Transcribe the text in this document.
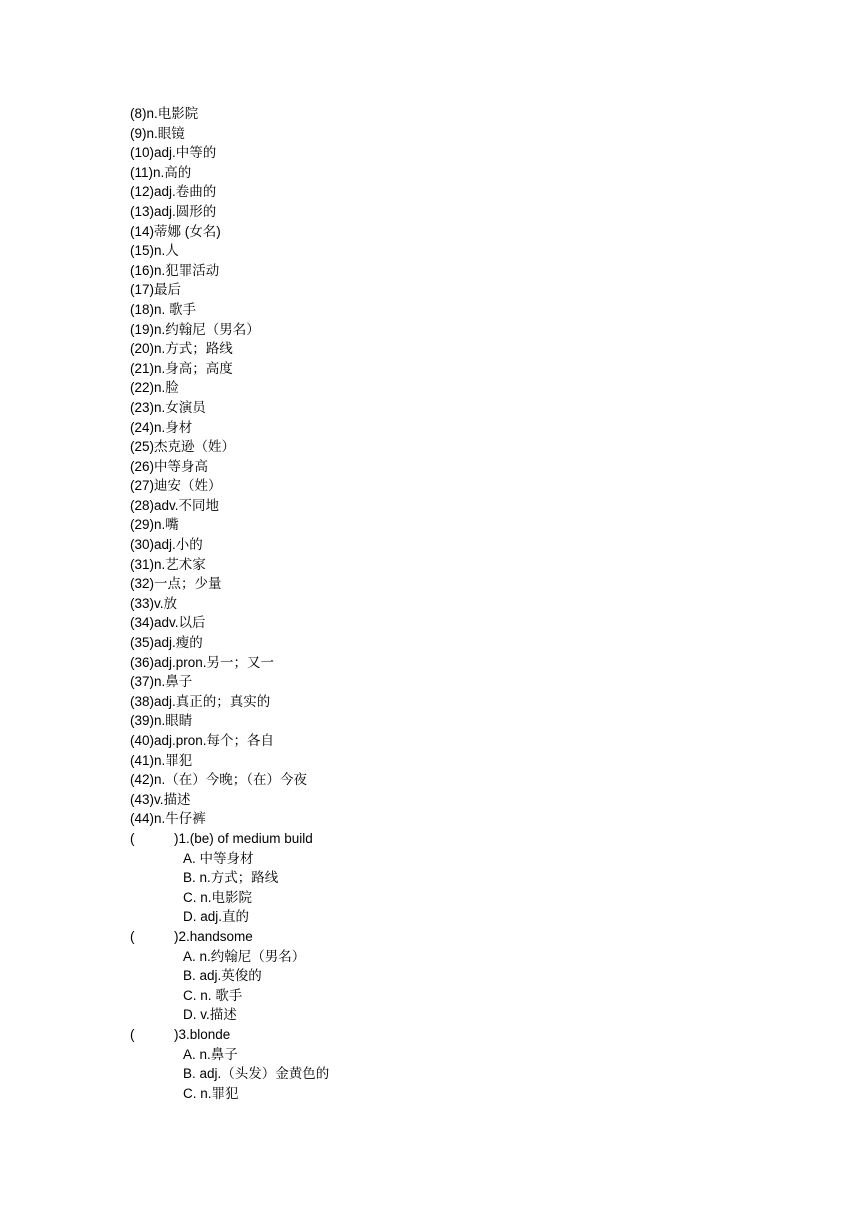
(8)n.电影院
(9)n.眼镜
(10)adj.中等的
(11)n.高的
(12)adj.卷曲的
(13)adj.圆形的
(14)蒂娜 (女名)
(15)n.人
(16)n.犯罪活动
(17)最后
(18)n. 歌手
(19)n.约翰尼（男名）
(20)n.方式；路线
(21)n.身高；高度
(22)n.脸
(23)n.女演员
(24)n.身材
(25)杰克逊（姓）
(26)中等身高
(27)迪安（姓）
(28)adv.不同地
(29)n.嘴
(30)adj.小的
(31)n.艺术家
(32)一点；少量
(33)v.放
(34)adv.以后
(35)adj.瘦的
(36)adj.pron.另一；又一
(37)n.鼻子
(38)adj.真正的；真实的
(39)n.眼睛
(40)adj.pron.每个；各自
(41)n.罪犯
(42)n.（在）今晚；（在）今夜
(43)v.描述
(44)n.牛仔裤
(	)1.(be) of medium build
A. 中等身材
B. n.方式；路线
C. n.电影院
D. adj.直的
(	)2.handsome
A. n.约翰尼（男名）
B. adj.英俊的
C. n. 歌手
D. v.描述
(	)3.blonde
A. n.鼻子
B. adj.（头发）金黄色的
C. n.罪犯
